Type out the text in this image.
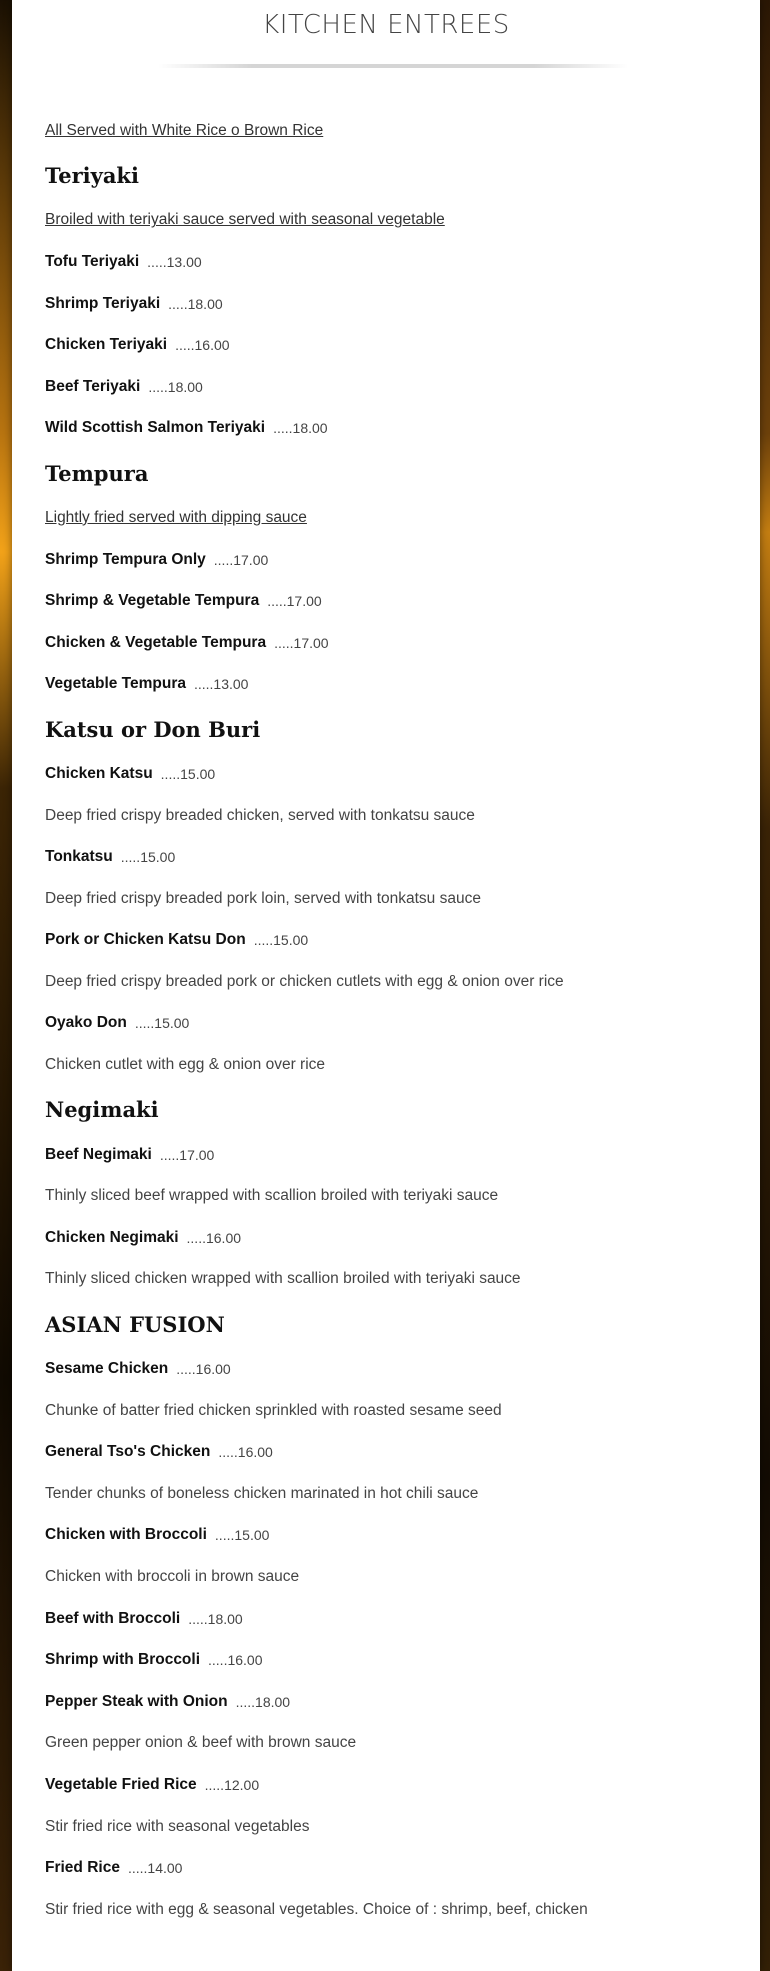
KITCHEN ENTREES
All Served with White Rice o Brown Rice
Teriyaki
Broiled with teriyaki sauce served with seasonal vegetable
Tofu Teriyaki .....13.00
Shrimp Teriyaki .....18.00
Chicken Teriyaki .....16.00
Beef Teriyaki .....18.00
Wild Scottish Salmon Teriyaki .....18.00
Tempura
Lightly fried served with dipping sauce
Shrimp Tempura Only .....17.00
Shrimp & Vegetable Tempura .....17.00
Chicken & Vegetable Tempura .....17.00
Vegetable Tempura .....13.00
Katsu or Don Buri
Chicken Katsu .....15.00
Deep fried crispy breaded chicken, served with tonkatsu sauce
Tonkatsu .....15.00
Deep fried crispy breaded pork loin, served with tonkatsu sauce
Pork or Chicken Katsu Don .....15.00
Deep fried crispy breaded pork or chicken cutlets with egg & onion over rice
Oyako Don .....15.00
Chicken cutlet with egg & onion over rice
Negimaki
Beef Negimaki .....17.00
Thinly sliced beef wrapped with scallion broiled with teriyaki sauce
Chicken Negimaki .....16.00
Thinly sliced chicken wrapped with scallion broiled with teriyaki sauce
ASIAN FUSION
Sesame Chicken .....16.00
Chunke of batter fried chicken sprinkled with roasted sesame seed
General Tso's Chicken .....16.00
Tender chunks of boneless chicken marinated in hot chili sauce
Chicken with Broccoli .....15.00
Chicken with broccoli in brown sauce
Beef with Broccoli .....18.00
Shrimp with Broccoli .....16.00
Pepper Steak with Onion .....18.00
Green pepper onion & beef with brown sauce
Vegetable Fried Rice .....12.00
Stir fried rice with seasonal vegetables
Fried Rice .....14.00
Stir fried rice with egg & seasonal vegetables. Choice of : shrimp, beef, chicken
